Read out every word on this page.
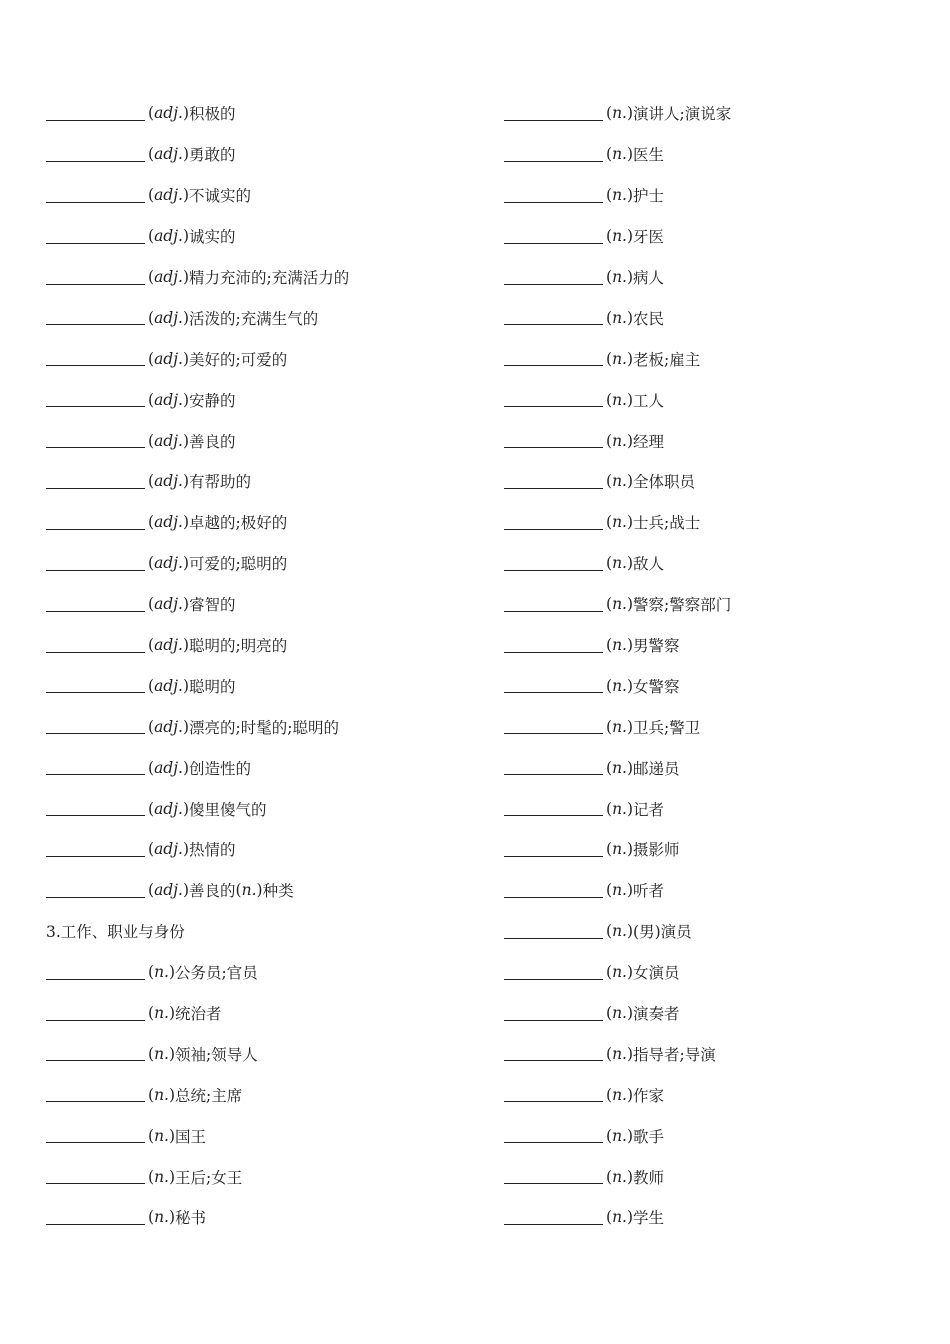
( adj. ) 积极的
( adj. ) 勇敢的
( adj. ) 不诚实的
( adj. ) 诚实的
( adj. ) 精力充沛的;充满活力的
( adj. ) 活泼的;充满生气的
( adj. ) 美好的;可爱的
( adj. ) 安静的
( adj. ) 善良的
( adj. ) 有帮助的
( adj. ) 卓越的;极好的
( adj. ) 可爱的;聪明的
( adj. ) 睿智的
( adj. ) 聪明的;明亮的
( adj. ) 聪明的
( adj. ) 漂亮的;时髦的;聪明的
( adj. ) 创造性的
( adj. ) 傻里傻气的
( adj. ) 热情的
( adj. ) 善良的 ( n. ) 种类
3.工作、职业与身份
( n. ) 公务员;官员
( n. ) 统治者
( n. ) 领袖;领导人
( n. ) 总统;主席
( n. ) 国王
( n. ) 王后;女王
( n. ) 秘书
( n. ) 演讲人;演说家
( n. ) 医生
( n. ) 护士
( n. ) 牙医
( n. ) 病人
( n. ) 农民
( n. ) 老板;雇主
( n. ) 工人
( n. ) 经理
( n. ) 全体职员
( n. ) 士兵;战士
( n. ) 敌人
( n. ) 警察;警察部门
( n. ) 男警察
( n. ) 女警察
( n. ) 卫兵;警卫
( n. ) 邮递员
( n. ) 记者
( n. ) 摄影师
( n. ) 听者
( n. ) (男)演员
( n. ) 女演员
( n. ) 演奏者
( n. ) 指导者;导演
( n. ) 作家
( n. ) 歌手
( n. ) 教师
( n. ) 学生
